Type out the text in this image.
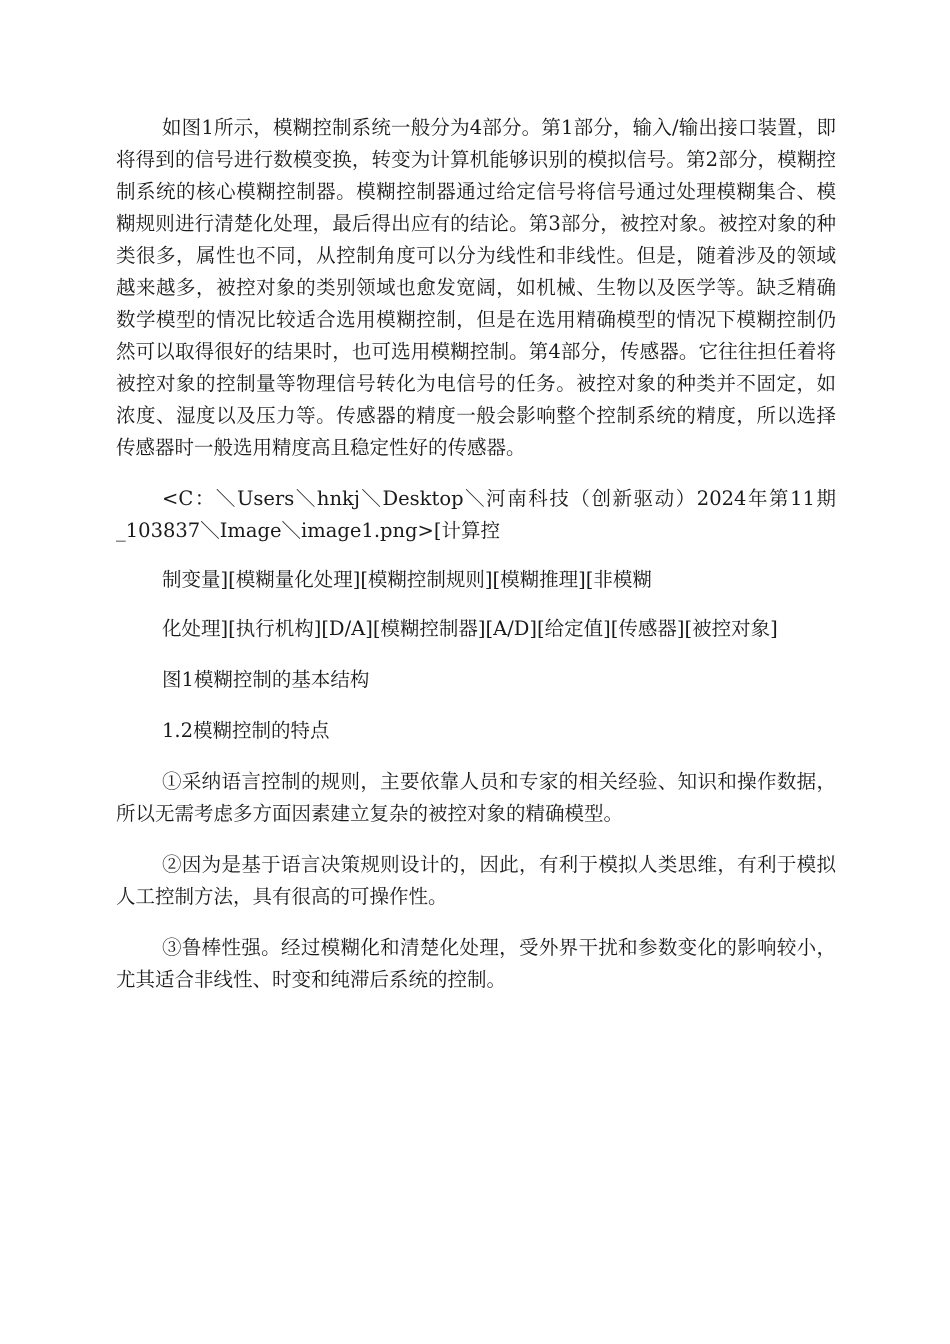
如图1所示，模糊控制系统一般分为4部分。第1部分，输入/输出接口装置，即将得到的信号进行数模变换，转变为计算机能够识别的模拟信号。第2部分，模糊控制系统的核心模糊控制器。模糊控制器通过给定信号将信号通过处理模糊集合、模糊规则进行清楚化处理，最后得出应有的结论。第3部分，被控对象。被控对象的种类很多，属性也不同，从控制角度可以分为线性和非线性。但是，随着涉及的领域越来越多，被控对象的类别领域也愈发宽阔，如机械、生物以及医学等。缺乏精确数学模型的情况比较适合选用模糊控制，但是在选用精确模型的情况下模糊控制仍然可以取得很好的结果时，也可选用模糊控制。第4部分，传感器。它往往担任着将被控对象的控制量等物理信号转化为电信号的任务。被控对象的种类并不固定，如浓度、湿度以及压力等。传感器的精度一般会影响整个控制系统的精度，所以选择传感器时一般选用精度高且稳定性好的传感器。

<C：＼Users＼hnkj＼Desktop＼河南科技（创新驱动）2024年第11期_103837＼Image＼image1.png>[计算控

制变量][模糊量化处理][模糊控制规则][模糊推理][非模糊

化处理][执行机构][D/A][模糊控制器][A/D][给定值][传感器][被控对象]

图1模糊控制的基本结构

1.2模糊控制的特点

①采纳语言控制的规则，主要依靠人员和专家的相关经验、知识和操作数据，所以无需考虑多方面因素建立复杂的被控对象的精确模型。

②因为是基于语言决策规则设计的，因此，有利于模拟人类思维，有利于模拟人工控制方法，具有很高的可操作性。

③鲁棒性强。经过模糊化和清楚化处理，受外界干扰和参数变化的影响较小，尤其适合非线性、时变和纯滞后系统的控制。
